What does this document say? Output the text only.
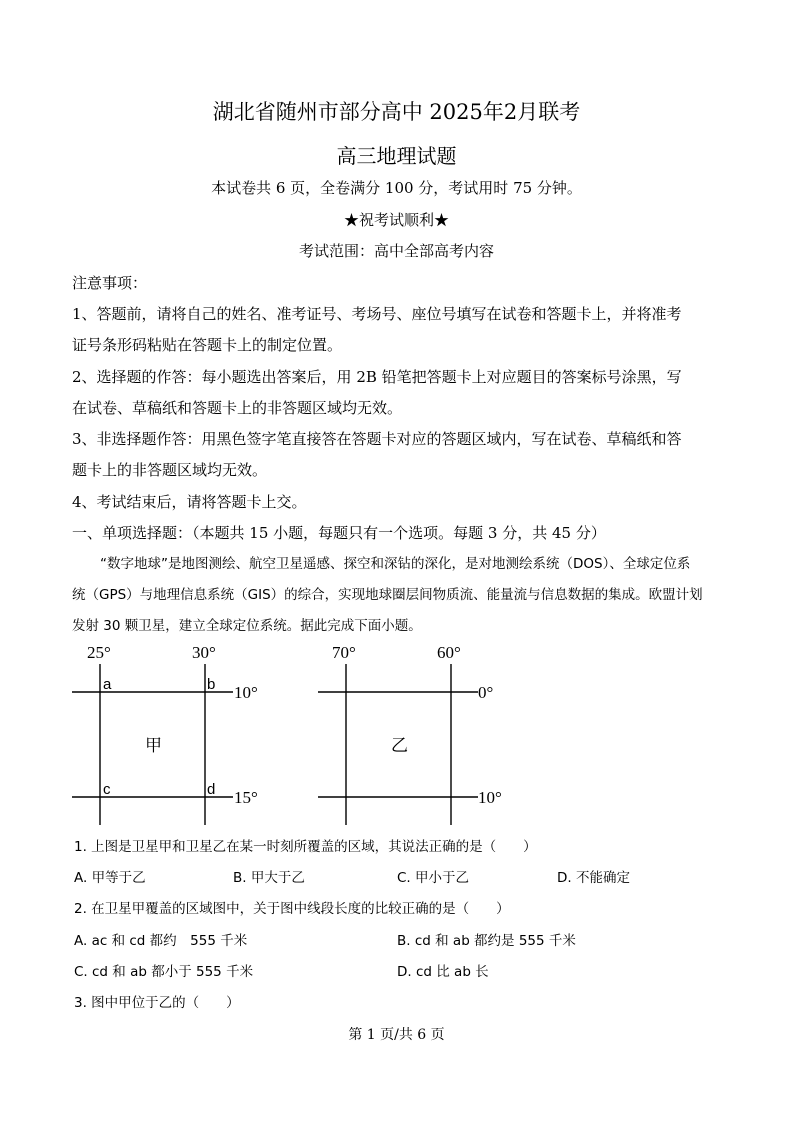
湖北省随州市部分高中 2025年2月联考
高三地理试题
本试卷共 6 页，全卷满分 100 分，考试用时 75 分钟。
★祝考试顺利★
考试范围：高中全部高考内容
注意事项：
1、答题前，请将自己的姓名、准考证号、考场号、座位号填写在试卷和答题卡上，并将准考
证号条形码粘贴在答题卡上的制定位置。
2、选择题的作答：每小题选出答案后，用 2B 铅笔把答题卡上对应题目的答案标号涂黑，写
在试卷、草稿纸和答题卡上的非答题区域均无效。
3、非选择题作答：用黑色签字笔直接答在答题卡对应的答题区域内，写在试卷、草稿纸和答
题卡上的非答题区域均无效。
4、考试结束后，请将答题卡上交。
一、单项选择题：（本题共 15 小题，每题只有一个选项。每题 3 分，共 45 分）
“数字地球”是地图测绘、航空卫星遥感、探空和深钻的深化，是对地测绘系统（DOS）、全球定位系
统（GPS）与地理信息系统（GIS）的综合，实现地球圈层间物质流、能量流与信息数据的集成。欧盟计划
发射 30 颗卫星，建立全球定位系统。据此完成下面小题。
25°	30°
10°
15°
a	b
c	d
甲
70°	60°
0°
10°
乙
1. 上图是卫星甲和卫星乙在某一时刻所覆盖的区域，其说法正确的是（　　）
A. 甲等于乙	B. 甲大于乙	C. 甲小于乙	D. 不能确定
2. 在卫星甲覆盖的区域图中，关于图中线段长度的比较正确的是（　　）
A. ac 和 cd 都约　555 千米	B. cd 和 ab 都约是 555 千米
C. cd 和 ab 都小于 555 千米	D. cd 比 ab 长
3. 图中甲位于乙的（　　）
第 1 页/共 6 页
